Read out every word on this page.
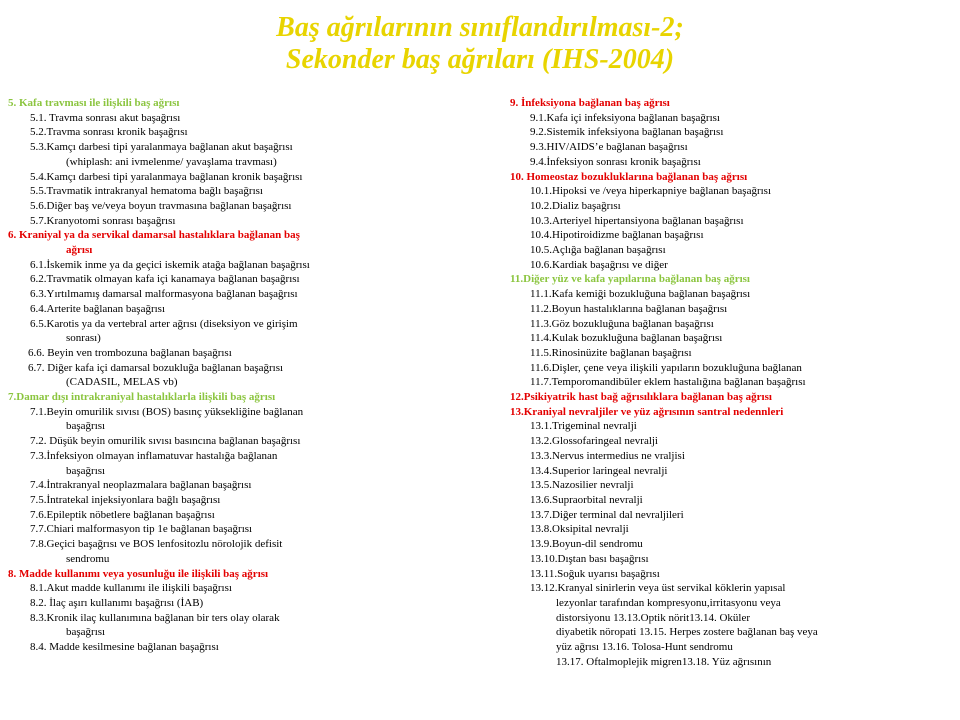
Baş ağrılarının sınıflandırılması-2;
Sekonder baş ağrıları (IHS-2004)
5. Kafa travması ile ilişkili baş ağrısı
5.1. Travma sonrası akut başağrısı
5.2.Travma sonrası kronik başağrısı
5.3.Kamçı darbesi tipi yaralanmaya bağlanan akut başağrısı
(whiplash: ani ivmelenme/ yavaşlama travması)
5.4.Kamçı darbesi tipi yaralanmaya bağlanan kronik başağrısı
5.5.Travmatik intrakranyal hematoma bağlı başağrısı
5.6.Diğer baş ve/veya boyun travmasına bağlanan başağrısı
5.7.Kranyotomi sonrası başağrısı
6. Kraniyal ya da servikal damarsal hastalıklara bağlanan baş
ağrısı
6.1.İskemik inme ya da geçici iskemik atağa bağlanan başağrısı
6.2.Travmatik olmayan kafa içi kanamaya bağlanan başağrısı
6.3.Yırtılmamış damarsal malformasyona bağlanan başağrısı
6.4.Arterite bağlanan başağrısı
6.5.Karotis ya da vertebral arter ağrısı (diseksiyon ve girişim
sonrası)
6.6. Beyin ven trombozuna bağlanan başağrısı
6.7. Diğer kafa içi damarsal bozukluğa bağlanan başağrısı
(CADASIL, MELAS vb)
7.Damar dışı intrakraniyal hastalıklarla ilişkili baş ağrısı
7.1.Beyin omurilik sıvısı (BOS) basınç yüksekliğine bağlanan
başağrısı
7.2. Düşük beyin omurilik sıvısı basıncına bağlanan başağrısı
7.3.İnfeksiyon olmayan inflamatuvar hastalığa bağlanan
başağrısı
7.4.İntrakranyal neoplazmalara bağlanan başağrısı
7.5.İntratekal injeksiyonlara bağlı başağrısı
7.6.Epileptik nöbetlere bağlanan başağrısı
7.7.Chiari malformasyon tip 1e bağlanan başağrısı
7.8.Geçici başağrısı ve BOS lenfositozlu nörolojik defisit
sendromu
8. Madde kullanımı veya yosunluğu ile ilişkili baş ağrısı
8.1.Akut madde kullanımı ile ilişkili başağrısı
8.2. İlaç aşırı kullanımı başağrısı (İAB)
8.3.Kronik ilaç kullanımına bağlanan bir ters olay olarak
başağrısı
8.4. Madde kesilmesine bağlanan başağrısı
9. İnfeksiyona bağlanan baş ağrısı
9.1.Kafa içi infeksiyona bağlanan başağrısı
9.2.Sistemik infeksiyona bağlanan başağrısı
9.3.HIV/AIDS’e bağlanan başağrısı
9.4.İnfeksiyon sonrası kronik başağrısı
10. Homeostaz bozukluklarına bağlanan baş ağrısı
10.1.Hipoksi ve /veya hiperkapniye bağlanan başağrısı
10.2.Dializ başağrısı
10.3.Arteriyel hipertansiyona bağlanan başağrısı
10.4.Hipotiroidizme bağlanan başağrısı
10.5.Açlığa bağlanan başağrısı
10.6.Kardiak başağrısı ve diğer
11.Diğer yüz ve kafa yapılarına bağlanan baş ağrısı
11.1.Kafa kemiği bozukluğuna bağlanan başağrısı
11.2.Boyun hastalıklarına bağlanan başağrısı
11.3.Göz bozukluğuna bağlanan başağrısı
11.4.Kulak bozukluğuna bağlanan başağrısı
11.5.Rinosinüzite bağlanan başağrısı
11.6.Dişler, çene veya ilişkili yapıların bozukluğuna bağlanan
11.7.Temporomandibüler eklem hastalığına bağlanan başağrısı
12.Psikiyatrik hast bağ ağrısılıklara bağlanan baş ağrısı
13.Kraniyal nevraljiler ve yüz ağrısının santral nedennleri
13.1.Trigeminal nevralji
13.2.Glossofaringeal nevralji
13.3.Nervus intermedius ne vraljisi
13.4.Superior laringeal nevralji
13.5.Nazosilier nevralji
13.6.Supraorbital nevralji
13.7.Diğer terminal dal nevraljileri
13.8.Oksipital nevralji
13.9.Boyun-dil sendromu
13.10.Dıştan bası başağrısı
13.11.Soğuk uyarısı başağrısı
13.12.Kranyal sinirlerin veya üst servikal köklerin yapısal
lezyonlar tarafından kompresyonu,irritasyonu veya
distorsiyonu 13.13.Optik nörit13.14. Oküler
diyabetik nöropati 13.15. Herpes zostere bağlanan baş veya
yüz ağrısı 13.16. Tolosa-Hunt sendromu
13.17. Oftalmoplejik migren13.18. Yüz ağrısının
